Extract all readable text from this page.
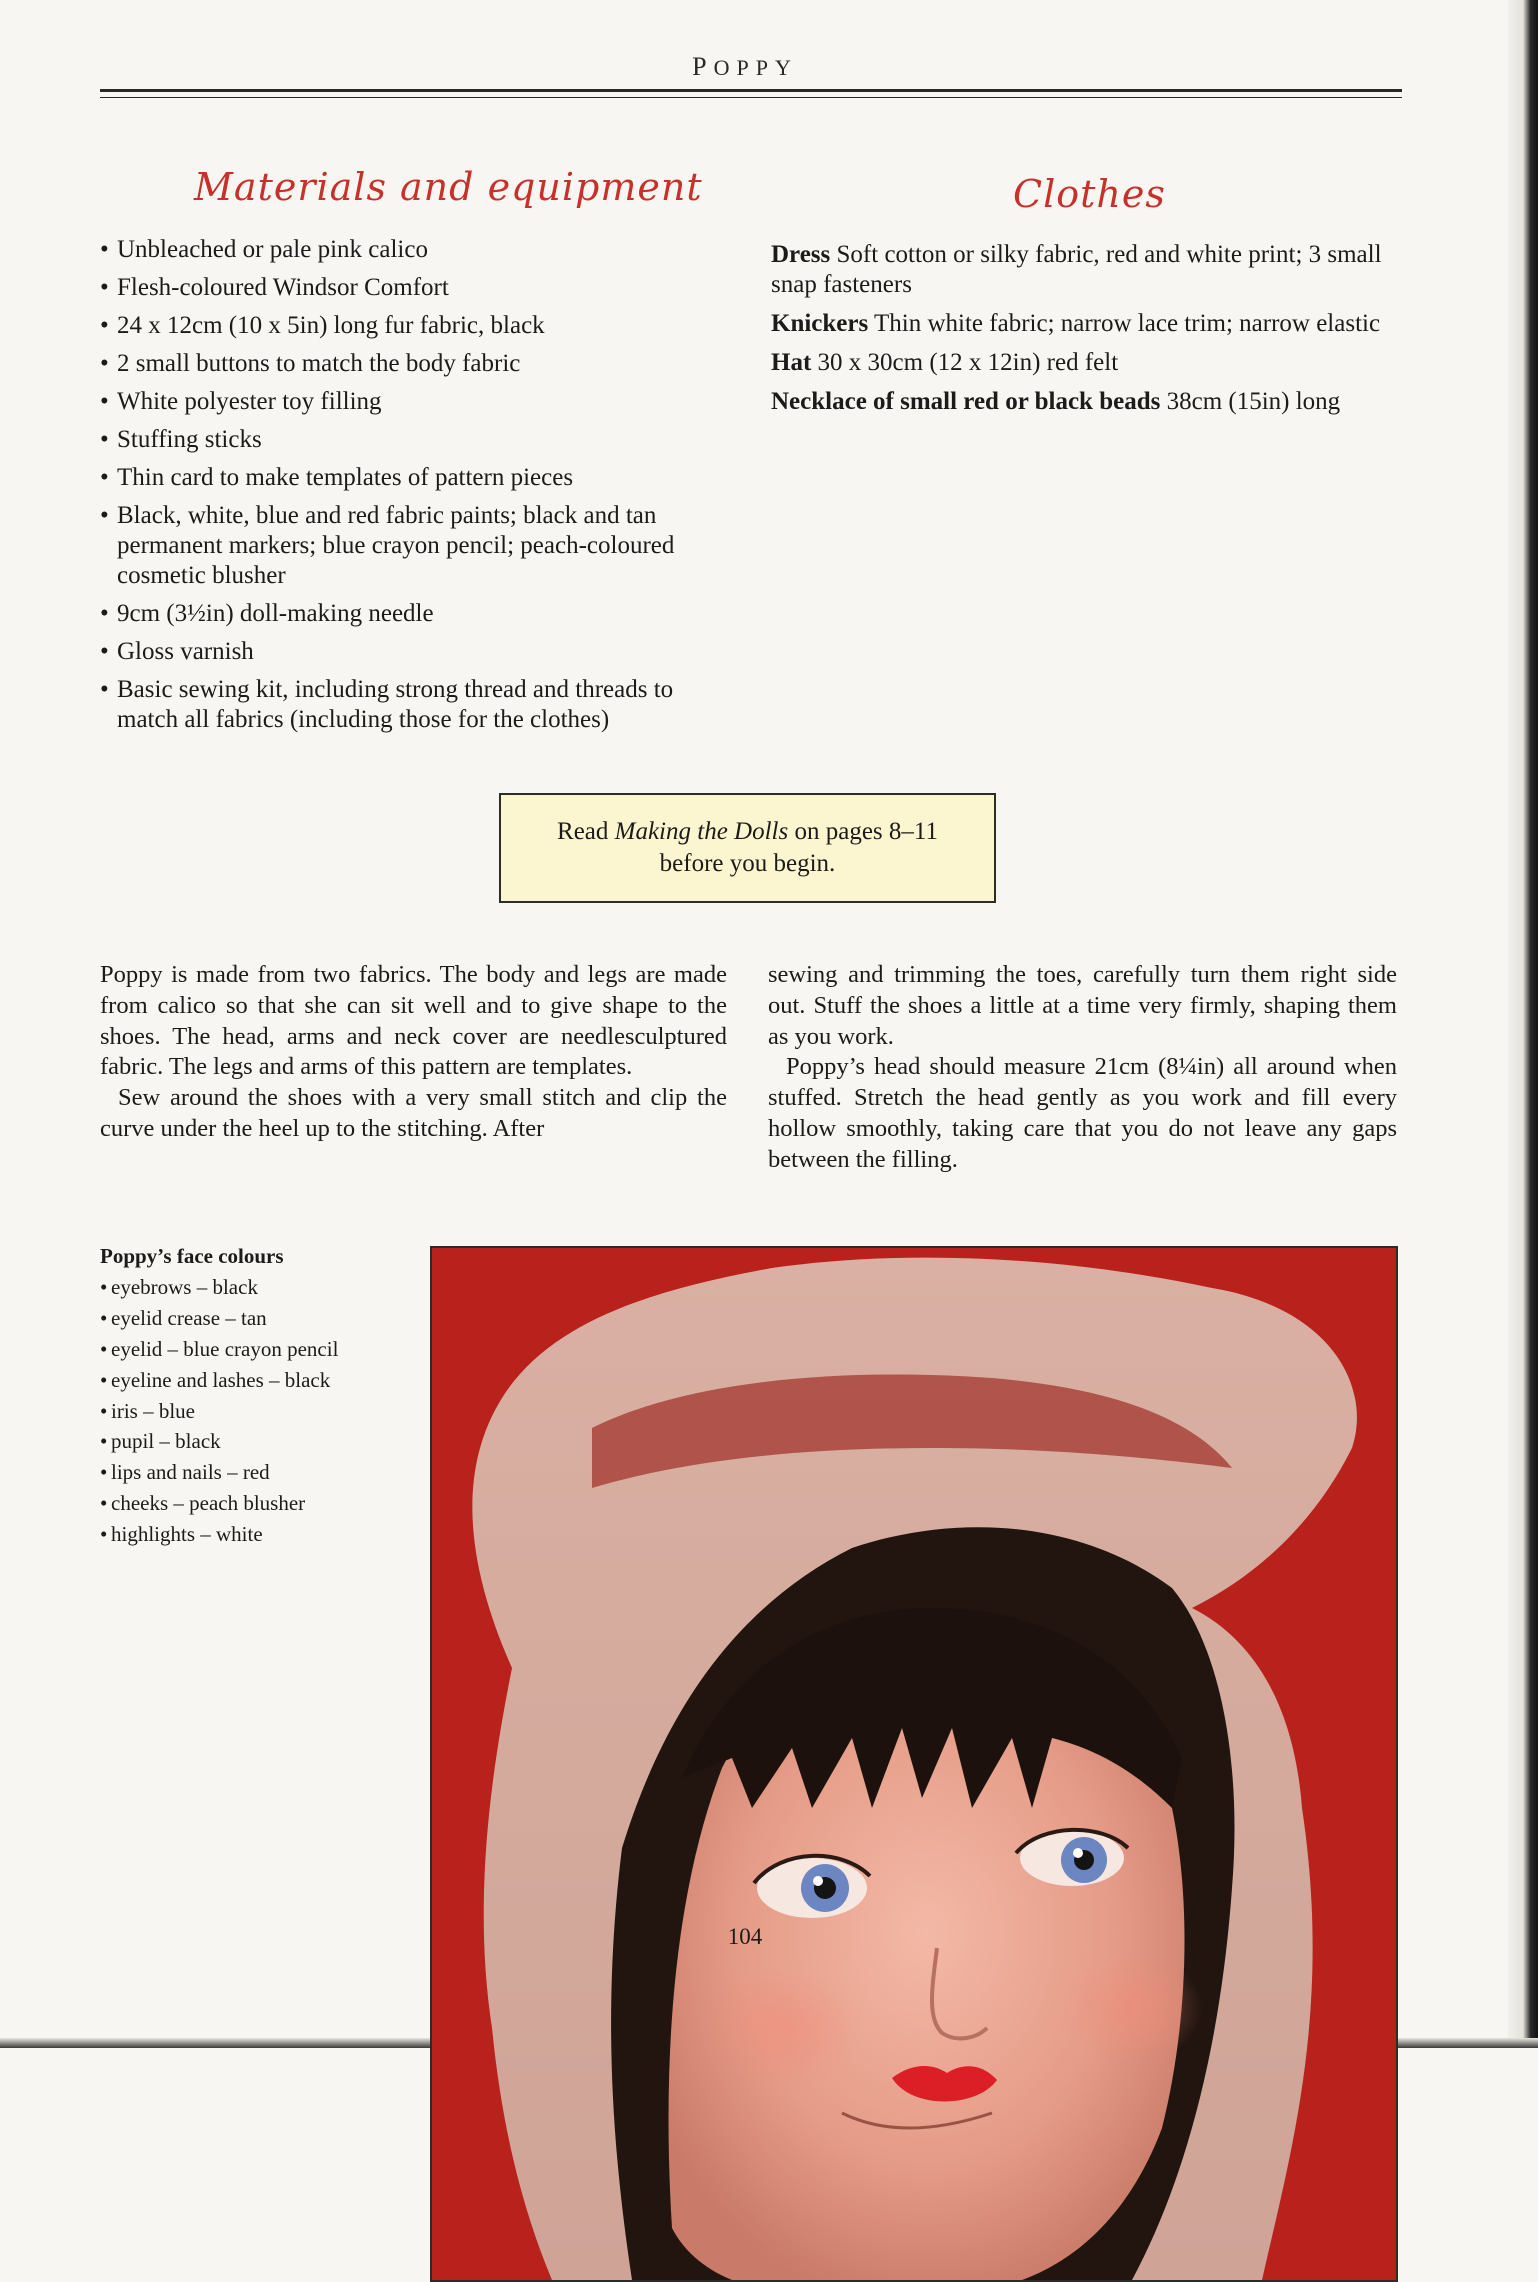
POPPY
Materials and equipment
• Unbleached or pale pink calico
• Flesh-coloured Windsor Comfort
• 24 x 12cm (10 x 5in) long fur fabric, black
• 2 small buttons to match the body fabric
• White polyester toy filling
• Stuffing sticks
• Thin card to make templates of pattern pieces
• Black, white, blue and red fabric paints; black and tan permanent markers; blue crayon pencil; peach-coloured cosmetic blusher
• 9cm (3½in) doll-making needle
• Gloss varnish
• Basic sewing kit, including strong thread and threads to match all fabrics (including those for the clothes)
Clothes
Dress Soft cotton or silky fabric, red and white print; 3 small snap fasteners
Knickers Thin white fabric; narrow lace trim; narrow elastic
Hat 30 x 30cm (12 x 12in) red felt
Necklace of small red or black beads 38cm (15in) long
Read Making the Dolls on pages 8–11
before you begin.

Poppy is made from two fabrics. The body and legs are made from calico so that she can sit well and to give shape to the shoes. The head, arms and neck cover are needlesculptured fabric. The legs and arms of this pattern are templates.

Sew around the shoes with a very small stitch and clip the curve under the heel up to the stitching. After

sewing and trimming the toes, carefully turn them right side out. Stuff the shoes a little at a time very firmly, shaping them as you work.

Poppy’s head should measure 21cm (8¼in) all around when stuffed. Stretch the head gently as you work and fill every hollow smoothly, taking care that you do not leave any gaps between the filling.

Poppy’s face colours
• eyebrows – black
• eyelid crease – tan
• eyelid – blue crayon pencil
• eyeline and lashes – black
• iris – blue
• pupil – black
• lips and nails – red
• cheeks – peach blusher
• highlights – white
104
